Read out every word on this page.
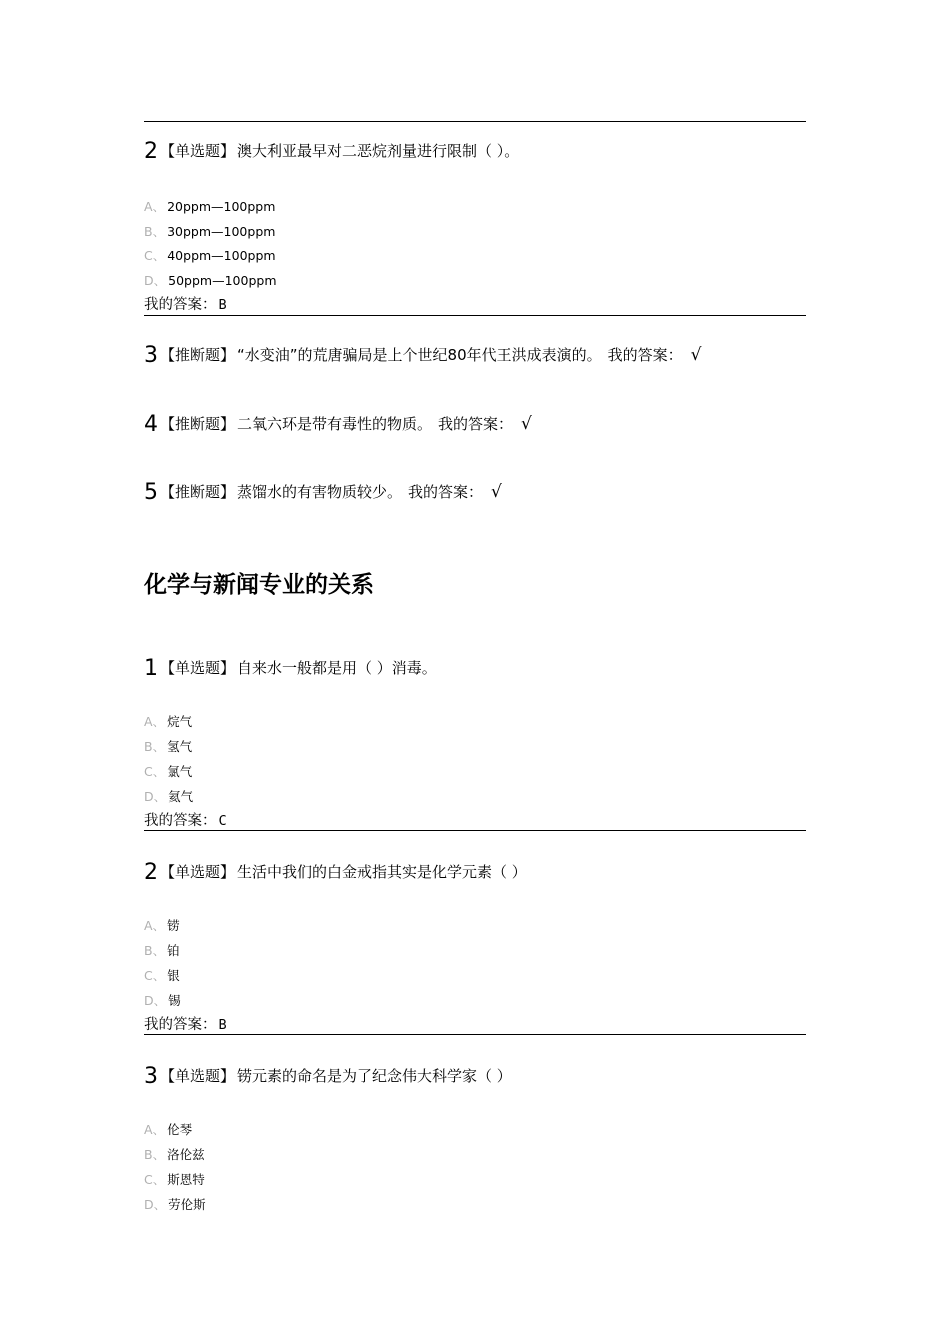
2 【单选题】 澳大利亚最早对二恶烷剂量进行限制（ ）。
A、 20ppm—100ppm
B、 30ppm—100ppm
C、 40ppm—100ppm
D、 50ppm—100ppm
我的答案： B
3 【推断题】 “水变油”的荒唐骗局是上个世纪80年代王洪成表演的。 我的答案： √
4 【推断题】 二氧六环是带有毒性的物质。 我的答案： √
5 【推断题】 蒸馏水的有害物质较少。 我的答案： √
化学与新闻专业的关系
1 【单选题】 自来水一般都是用（ ）消毒。
A、 烷气
B、 氢气
C、 氯气
D、 氦气
我的答案： C
2 【单选题】 生活中我们的白金戒指其实是化学元素（ ）
A、 铹
B、 铂
C、 银
D、 锡
我的答案： B
3 【单选题】 铹元素的命名是为了纪念伟大科学家（ ）
A、 伦琴
B、 洛伦兹
C、 斯恩特
D、 劳伦斯
